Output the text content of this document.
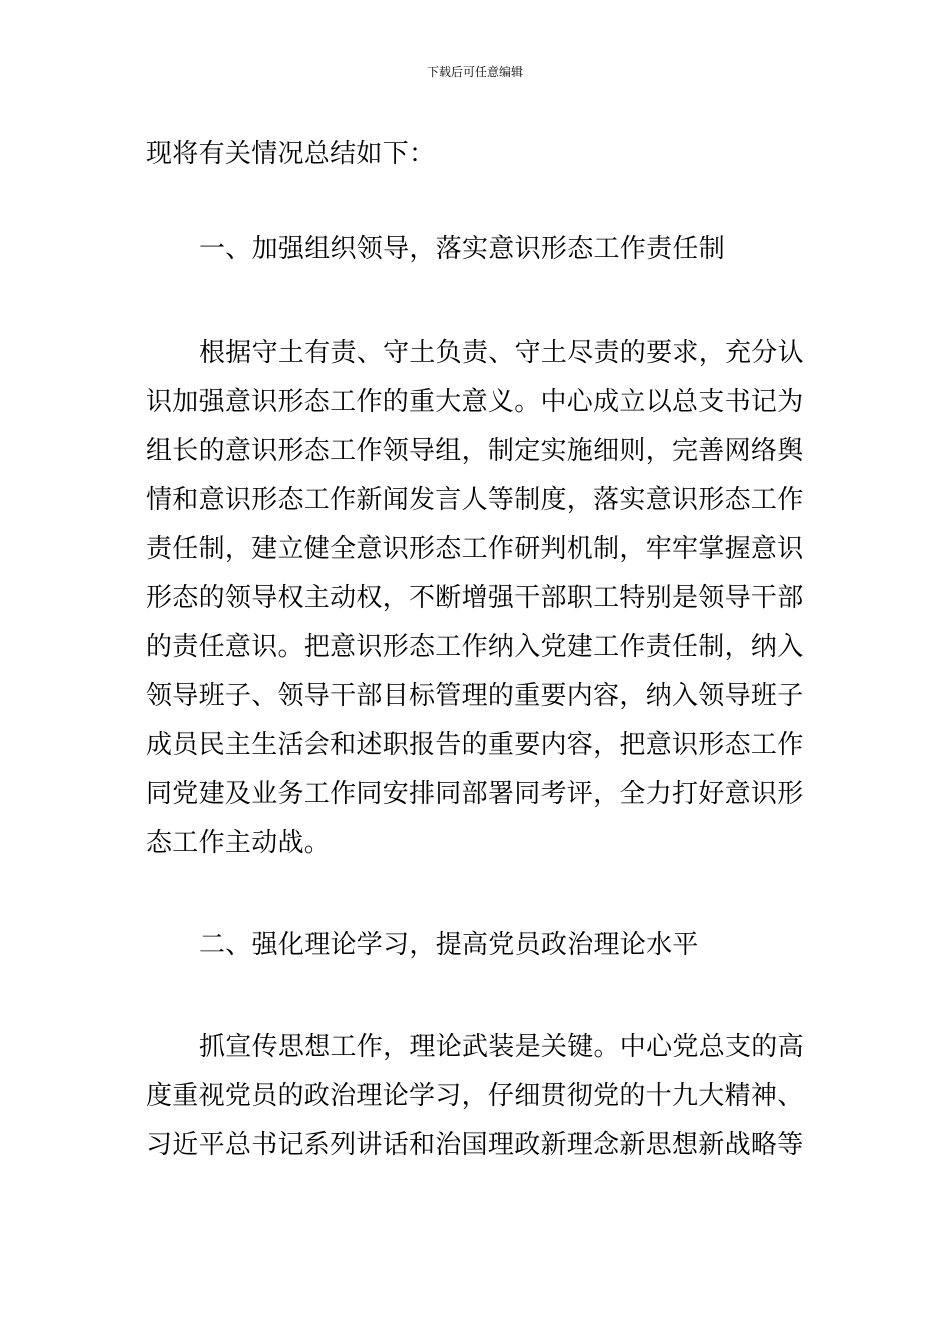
下载后可任意编辑
现将有关情况总结如下：
一、加强组织领导，落实意识形态工作责任制
根据守土有责、守土负责、守土尽责的要求，充分认
识加强意识形态工作的重大意义。中心成立以总支书记为
组长的意识形态工作领导组，制定实施细则，完善网络舆
情和意识形态工作新闻发言人等制度，落实意识形态工作
责任制，建立健全意识形态工作研判机制，牢牢掌握意识
形态的领导权主动权，不断增强干部职工特别是领导干部
的责任意识。把意识形态工作纳入党建工作责任制，纳入
领导班子、领导干部目标管理的重要内容，纳入领导班子
成员民主生活会和述职报告的重要内容，把意识形态工作
同党建及业务工作同安排同部署同考评，全力打好意识形
态工作主动战。
二、强化理论学习，提高党员政治理论水平
抓宣传思想工作，理论武装是关键。中心党总支的高
度重视党员的政治理论学习，仔细贯彻党的十九大精神、
习近平总书记系列讲话和治国理政新理念新思想新战略等
